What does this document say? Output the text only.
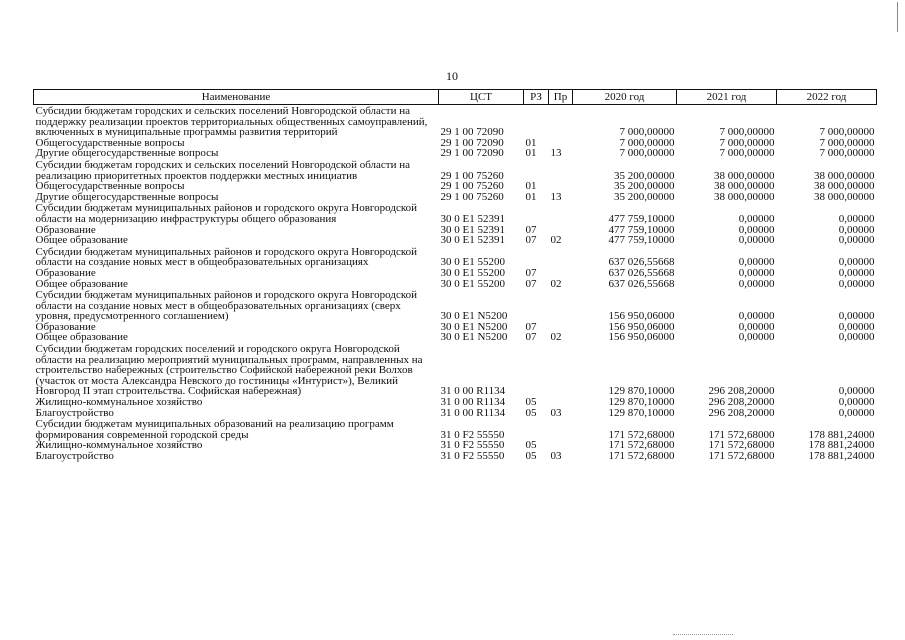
10
Наименование	ЦСТ	РЗ	Пр	2020 год	2021 год	2022 год
Субсидии бюджетам городских и сельских поселений Новгородской области на поддержку реализации проектов территориальных общественных самоуправлений, включенных в муниципальные программы развития территорий	29 1 00 72090			7 000,00000	7 000,00000	7 000,00000
Общегосударственные вопросы	29 1 00 72090	01		7 000,00000	7 000,00000	7 000,00000
Другие общегосударственные вопросы	29 1 00 72090	01	13	7 000,00000	7 000,00000	7 000,00000
Субсидии бюджетам городских и сельских поселений Новгородской области на реализацию приоритетных проектов поддержки местных инициатив	29 1 00 75260			35 200,00000	38 000,00000	38 000,00000
Общегосударственные вопросы	29 1 00 75260	01		35 200,00000	38 000,00000	38 000,00000
Другие общегосударственные вопросы	29 1 00 75260	01	13	35 200,00000	38 000,00000	38 000,00000
Субсидии бюджетам муниципальных районов и городского округа Новгородской области на модернизацию инфраструктуры общего образования	30 0 E1 52391			477 759,10000	0,00000	0,00000
Образование	30 0 E1 52391	07		477 759,10000	0,00000	0,00000
Общее образование	30 0 E1 52391	07	02	477 759,10000	0,00000	0,00000
Субсидии бюджетам муниципальных районов и городского округа Новгородской области на создание новых мест в общеобразовательных организациях	30 0 E1 55200			637 026,55668	0,00000	0,00000
Образование	30 0 E1 55200	07		637 026,55668	0,00000	0,00000
Общее образование	30 0 E1 55200	07	02	637 026,55668	0,00000	0,00000
Субсидии бюджетам муниципальных районов и городского округа Новгородской области на создание новых мест в общеобразовательных организациях (сверх уровня, предусмотренного соглашением)	30 0 E1 N5200			156 950,06000	0,00000	0,00000
Образование	30 0 E1 N5200	07		156 950,06000	0,00000	0,00000
Общее образование	30 0 E1 N5200	07	02	156 950,06000	0,00000	0,00000
Субсидии бюджетам городских поселений и городского округа Новгородской области на реализацию мероприятий муниципальных программ, направленных на строительство набережных (строительство Софийской набережной реки Волхов (участок от моста Александра Невского до гостиницы «Интурист»), Великий Новгород II этап строительства. Софийская набережная)	31 0 00 R1134			129 870,10000	296 208,20000	0,00000
Жилищно-коммунальное хозяйство	31 0 00 R1134	05		129 870,10000	296 208,20000	0,00000
Благоустройство	31 0 00 R1134	05	03	129 870,10000	296 208,20000	0,00000
Субсидии бюджетам муниципальных образований на реализацию программ формирования современной городской среды	31 0 F2 55550			171 572,68000	171 572,68000	178 881,24000
Жилищно-коммунальное хозяйство	31 0 F2 55550	05		171 572,68000	171 572,68000	178 881,24000
Благоустройство	31 0 F2 55550	05	03	171 572,68000	171 572,68000	178 881,24000
